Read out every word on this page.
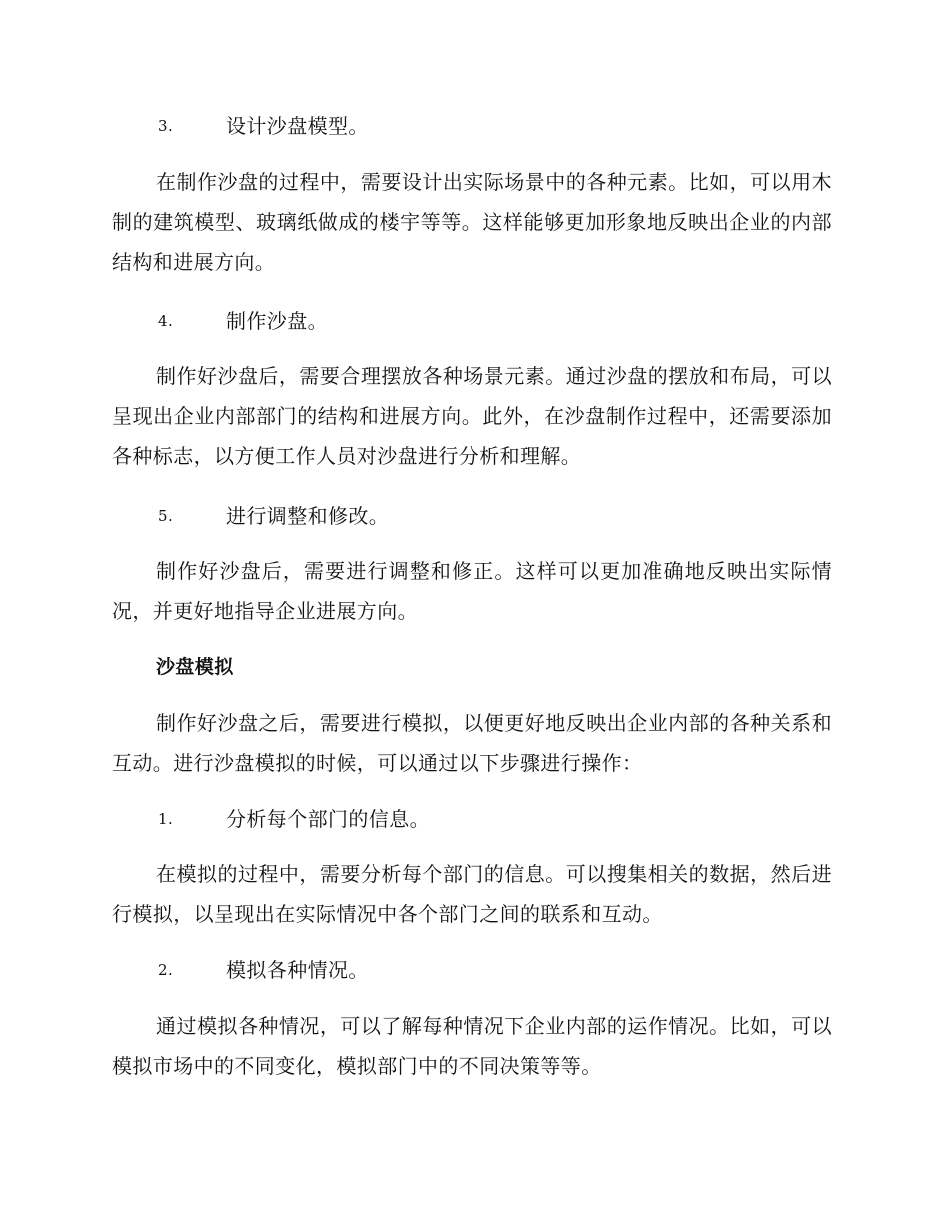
3.	设计沙盘模型。
在制作沙盘的过程中，需要设计出实际场景中的各种元素。比如，可以用木制的建筑模型、玻璃纸做成的楼宇等等。这样能够更加形象地反映出企业的内部结构和进展方向。
4.	制作沙盘。
制作好沙盘后，需要合理摆放各种场景元素。通过沙盘的摆放和布局，可以呈现出企业内部部门的结构和进展方向。此外，在沙盘制作过程中，还需要添加各种标志，以方便工作人员对沙盘进行分析和理解。
5.	进行调整和修改。
制作好沙盘后，需要进行调整和修正。这样可以更加准确地反映出实际情况，并更好地指导企业进展方向。
沙盘模拟
制作好沙盘之后，需要进行模拟，以便更好地反映出企业内部的各种关系和互动。进行沙盘模拟的时候，可以通过以下步骤进行操作：
1.	分析每个部门的信息。
在模拟的过程中，需要分析每个部门的信息。可以搜集相关的数据，然后进行模拟，以呈现出在实际情况中各个部门之间的联系和互动。
2.	模拟各种情况。
通过模拟各种情况，可以了解每种情况下企业内部的运作情况。比如，可以模拟市场中的不同变化，模拟部门中的不同决策等等。
